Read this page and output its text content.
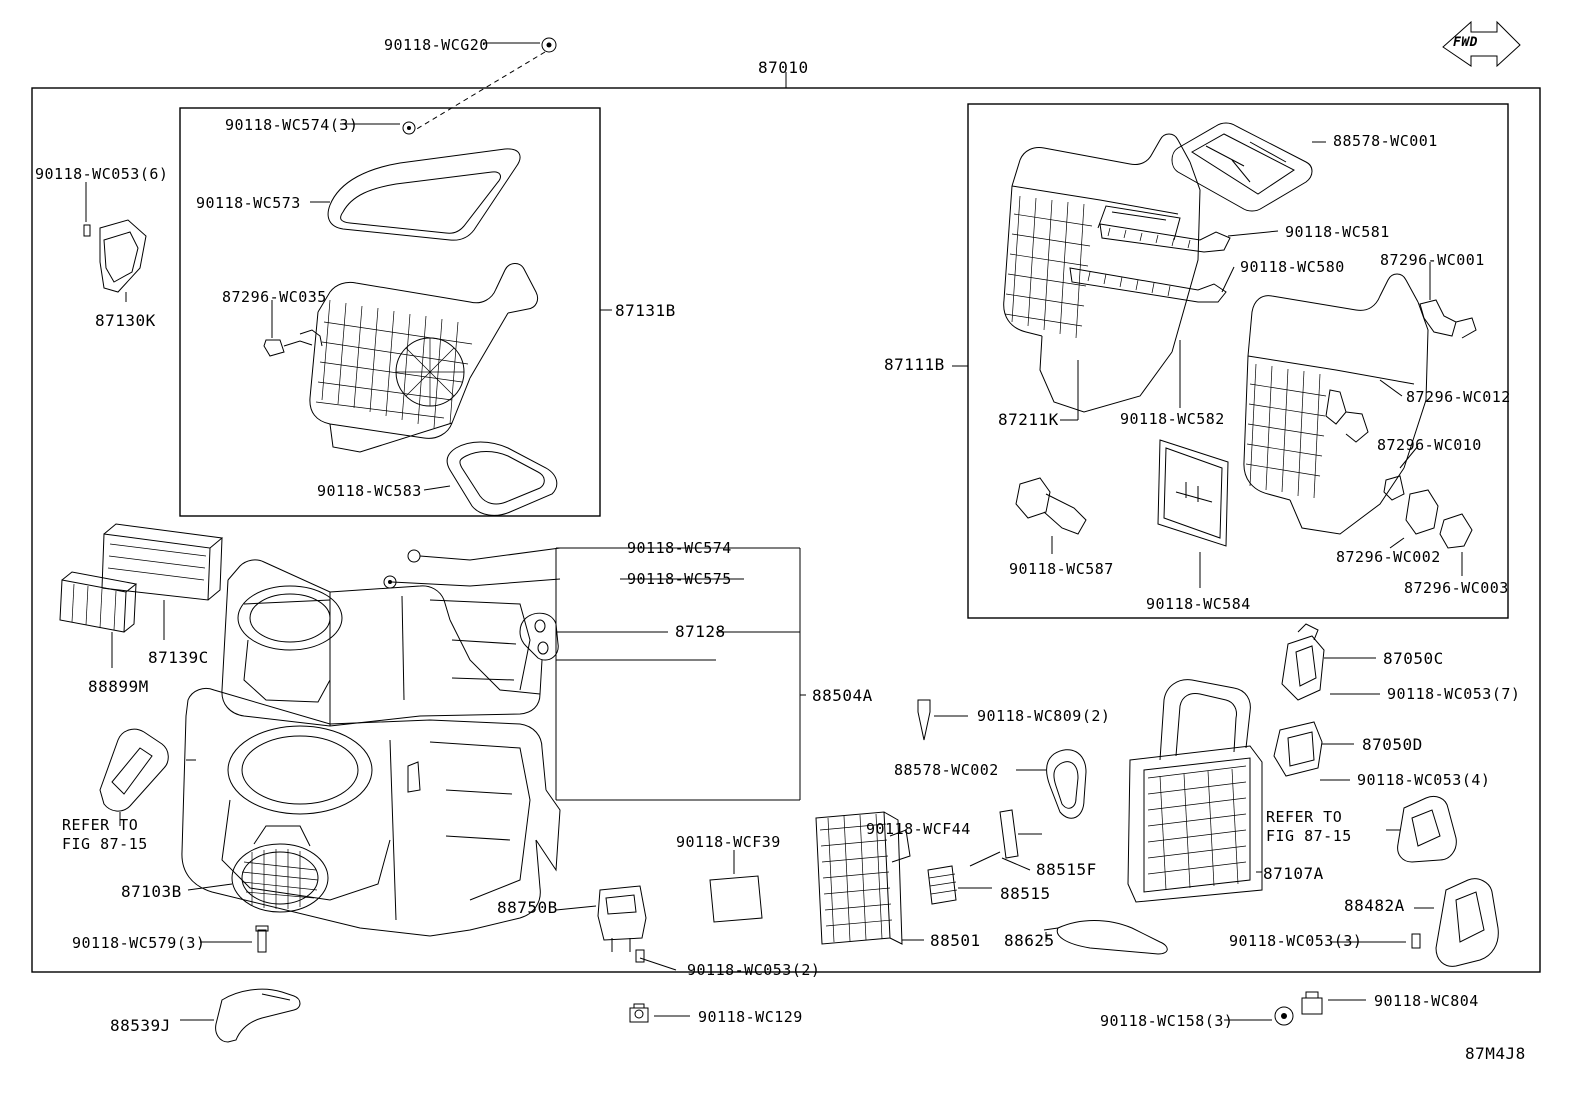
90118-WCG20
87010
90118-WC574(3)
88578-WC001
90118-WC053(6)
90118-WC573
90118-WC581
90118-WC580 87296-WC001
87296-WC035
87130K
87131B
87111B
87296-WC012
87211K	90118-WC582
87296-WC010
90118-WC583
87296-WC002
90118-WC574
90118-WC587
87296-WC003
90118-WC575
90118-WC584
87128
87139C	87050C
88899M	90118-WC053(7)
88504A
90118-WC809(2)
87050D
88578-WC002
90118-WC053(4)
90118-WCF39
90118-WCF44
88515F	87107A
88482A
87103B	88515
88750B
90118-WC579(3)	88501 88625	90118-WC053(3)
90118-WC053(2)
90118-WC804
88539J	90118-WC129	90118-WC158(3)
87M4J8
REFER TO
FIG 87-15
REFER TO
FIG 87-15
FWD
